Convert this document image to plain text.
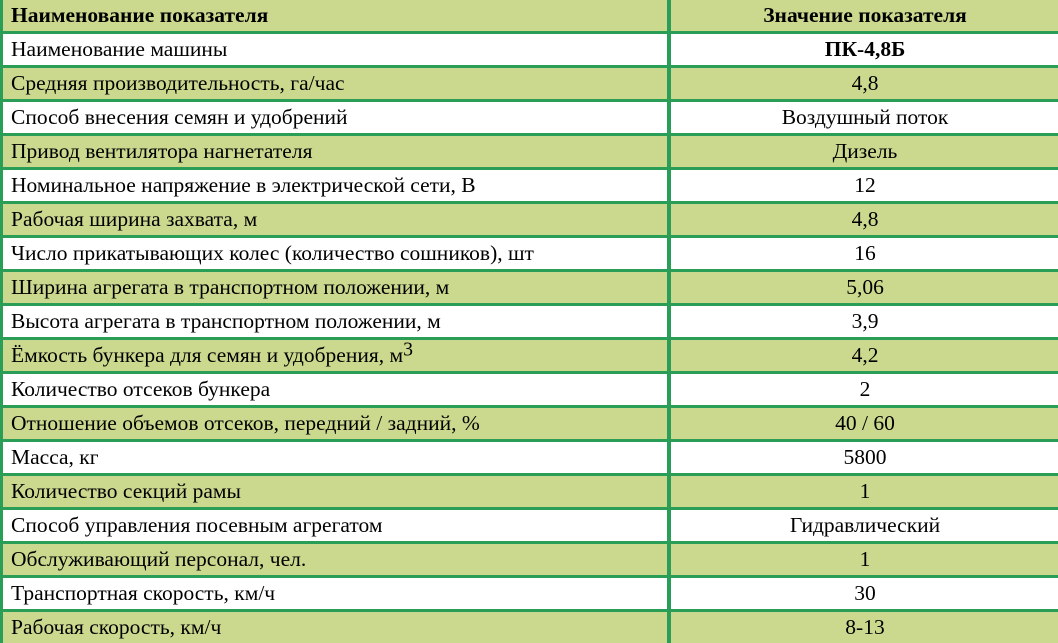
Наименование показателя	Значение показателя
Наименование машины	ПК-4,8Б
Средняя производительность, га/час	4,8
Способ внесения семян и удобрений	Воздушный поток
Привод вентилятора нагнетателя	Дизель
Номинальное напряжение в электрической сети, В	12
Рабочая ширина захвата, м	4,8
Число прикатывающих колес (количество сошников), шт	16
Ширина агрегата в транспортном положении, м	5,06
Высота агрегата в транспортном положении, м	3,9
Ёмкость бункера для семян и удобрения, $м^3$	4,2
Количество отсеков бункера	2
Отношение объемов отсеков, передний / задний, %	40 / 60
Масса, кг	5800
Количество секций рамы	1
Способ управления посевным агрегатом	Гидравлический
Обслуживающий персонал, чел.	1
Транспортная скорость, км/ч	30
Рабочая скорость, км/ч	8-13
